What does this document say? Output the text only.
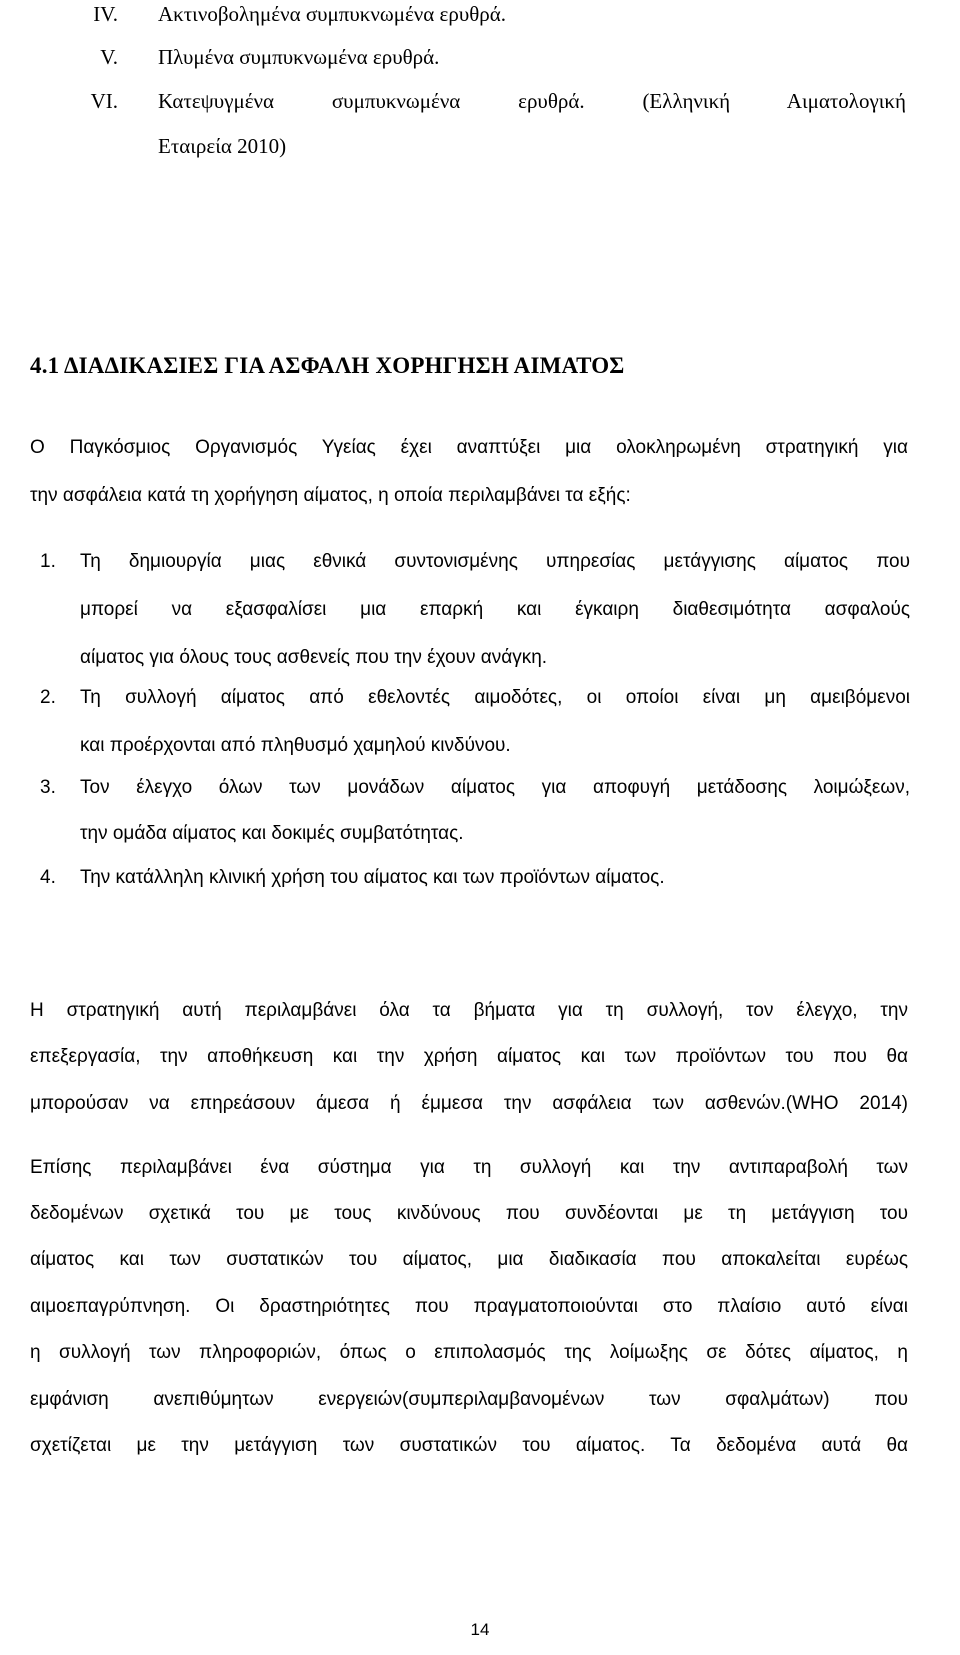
IV. Ακτινοβολημένα συμπυκνωμένα ερυθρά.
V. Πλυμένα συμπυκνωμένα ερυθρά.
VI. Κατεψυγμένα συμπυκνωμένα ερυθρά. (Ελληνική Αιματολογική
Εταιρεία 2010)
4.1 ΔΙΑΔΙΚΑΣΙΕΣ ΓΙΑ ΑΣΦΑΛΗ ΧΟΡΗΓΗΣΗ ΑΙΜΑΤΟΣ
Ο Παγκόσμιος Οργανισμός Υγείας έχει αναπτύξει μια ολοκληρωμένη στρατηγική για
την ασφάλεια κατά τη χορήγηση αίματος, η οποία περιλαμβάνει τα εξής:
1.	Τη δημιουργία μιας εθνικά συντονισμένης υπηρεσίας μετάγγισης αίματος που
μπορεί να εξασφαλίσει μια επαρκή και έγκαιρη διαθεσιμότητα ασφαλούς
αίματος για όλους τους ασθενείς που την έχουν ανάγκη.
2.	Τη συλλογή αίματος από εθελοντές αιμοδότες, οι οποίοι είναι μη αμειβόμενοι
και προέρχονται από πληθυσμό χαμηλού κινδύνου.
3.	Τον έλεγχο όλων των μονάδων αίματος για αποφυγή μετάδοσης λοιμώξεων,
την ομάδα αίματος και δοκιμές συμβατότητας.
4.	Την κατάλληλη κλινική χρήση του αίματος και των προϊόντων αίματος.
Η στρατηγική αυτή περιλαμβάνει όλα τα βήματα για τη συλλογή, τον έλεγχο, την
επεξεργασία, την αποθήκευση και την χρήση αίματος και των προϊόντων του που θα
μπορούσαν να επηρεάσουν άμεσα ή έμμεσα την ασφάλεια των ασθενών.(WHO 2014)
Επίσης περιλαμβάνει ένα σύστημα για τη συλλογή και την αντιπαραβολή των
δεδομένων σχετικά του με τους κινδύνους που συνδέονται με τη μετάγγιση του
αίματος και των συστατικών του αίματος, μια διαδικασία που αποκαλείται ευρέως
αιμοεπαγρύπνηση. Οι δραστηριότητες που πραγματοποιούνται στο πλαίσιο αυτό είναι
η συλλογή των πληροφοριών, όπως ο επιπολασμός της λοίμωξης σε δότες αίματος, η
εμφάνιση ανεπιθύμητων ενεργειών(συμπεριλαμβανομένων των σφαλμάτων) που
σχετίζεται με την μετάγγιση των συστατικών του αίματος. Τα δεδομένα αυτά θα
14
